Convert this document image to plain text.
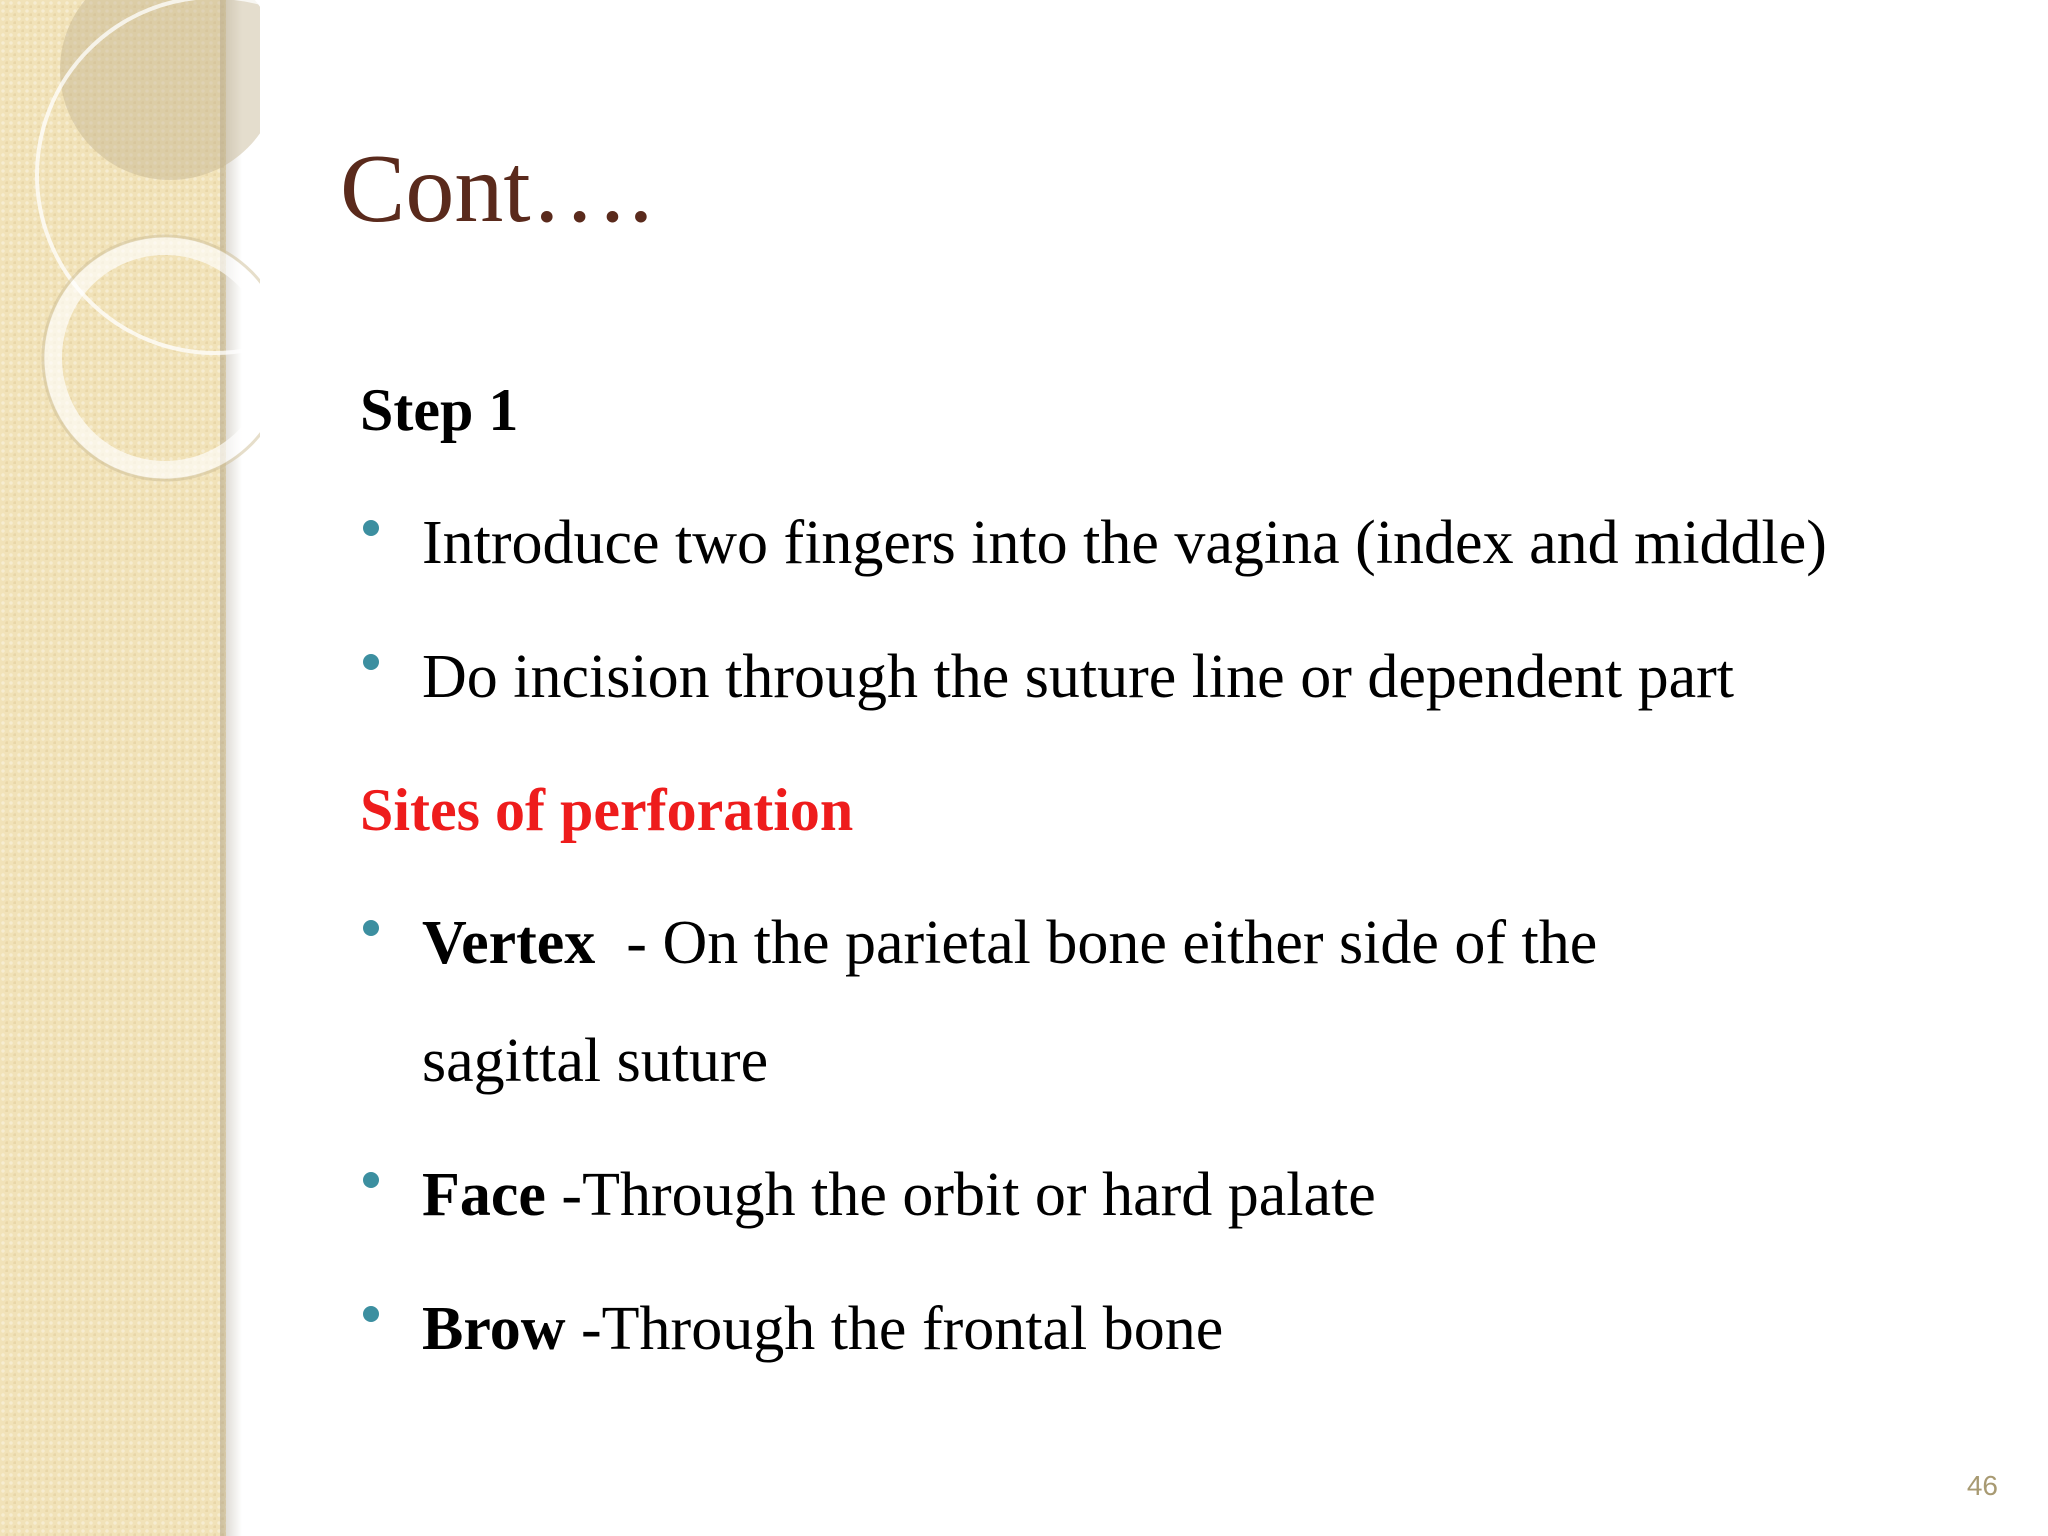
Cont….
Step 1
Introduce two fingers into the vagina (index and middle)
Do incision through the suture line or dependent part
Sites of perforation
Vertex  - On the parietal bone either side of the
sagittal suture
Face -Through the orbit or hard palate
Brow -Through the frontal bone
46
